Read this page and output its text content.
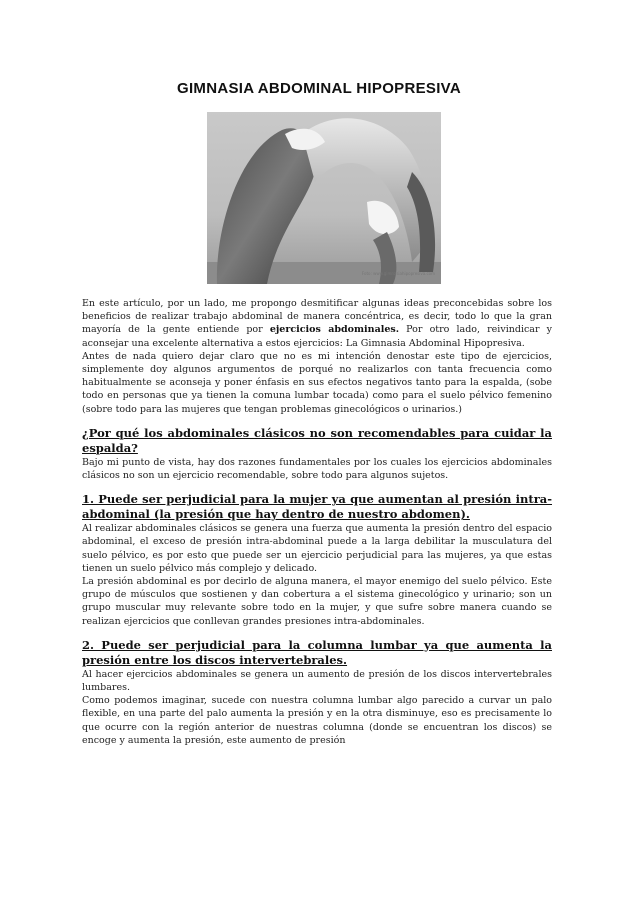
GIMNASIA ABDOMINAL HIPOPRESIVA
Foto: www.gimnasiahipopresiva.com

En este artículo, por un lado, me propongo desmitificar algunas ideas preconcebidas sobre los beneficios de realizar trabajo abdominal de manera concéntrica, es decir, todo lo que la gran mayoría de la gente entiende por ejercicios abdominales. Por otro lado, reivindicar y aconsejar una excelente alternativa a estos ejercicios: La Gimnasia Abdominal Hipopresiva.

Antes de nada quiero dejar claro que no es mi intención denostar este tipo de ejercicios, simplemente doy algunos argumentos de porqué no realizarlos con tanta frecuencia como habitualmente se aconseja y poner énfasis en sus efectos negativos tanto para la espalda, (sobe todo en personas que ya tienen la comuna lumbar tocada) como para el suelo pélvico femenino (sobre todo para las mujeres que tengan problemas ginecológicos o urinarios.)

¿Por qué los abdominales clásicos no son recomendables para cuidar la espalda?

Bajo mi punto de vista, hay dos razones fundamentales por los cuales los ejercicios abdominales clásicos no son un ejercicio recomendable, sobre todo para algunos sujetos.

1. Puede ser perjudicial para la mujer ya que aumentan al presión intra-abdominal (la presión que hay dentro de nuestro abdomen).

Al realizar abdominales clásicos se genera una fuerza que aumenta la presión dentro del espacio abdominal, el exceso de presión intra-abdominal puede a la larga debilitar la musculatura del suelo pélvico, es por esto que puede ser un ejercicio perjudicial para las mujeres, ya que estas tienen un suelo pélvico más complejo y delicado.

La presión abdominal es por decirlo de alguna manera, el mayor enemigo del suelo pélvico. Este grupo de músculos que sostienen y dan cobertura a el sistema ginecológico y urinario; son un grupo muscular muy relevante sobre todo en la mujer, y que sufre sobre manera cuando se realizan ejercicios que conllevan grandes presiones intra-abdominales.

2. Puede ser perjudicial para la columna lumbar ya que aumenta la presión entre los discos intervertebrales.

Al hacer ejercicios abdominales se genera un aumento de presión de los discos intervertebrales lumbares.

Como podemos imaginar, sucede con nuestra columna lumbar algo parecido a curvar un palo flexible, en una parte del palo aumenta la presión y en la otra disminuye, eso es precisamente lo que ocurre con la región anterior de nuestras columna (donde se encuentran los discos) se encoge y aumenta la presión, este aumento de presión
